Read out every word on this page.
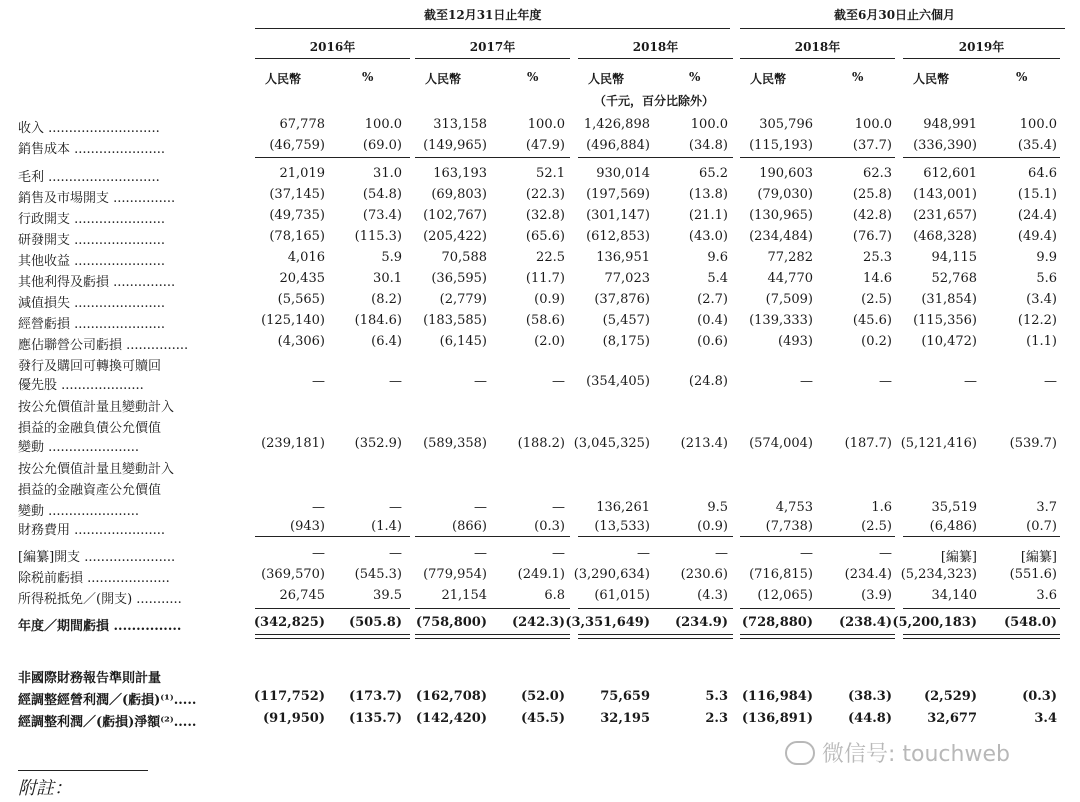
截至12月31日止年度	截至6月30日止六個月
2016年	2017年	2018年	2018年	2019年
人民幣	%	人民幣	%	人民幣	%	人民幣	%	人民幣	%
（千元，百分比除外）
收入 ...........................	67,778	100.0 313,158	100.0 1,426,898	100.0 305,796	100.0 948,991	100.0
銷售成本 ......................	(46,759)	(69.0) (149,965)	(47.9) (496,884)	(34.8) (115,193)	(37.7) (336,390)	(35.4)
毛利 ...........................	21,019	31.0 163,193	52.1 930,014	65.2 190,603	62.3 612,601	64.6
銷售及市場開支 ...............	(37,145)	(54.8) (69,803)	(22.3) (197,569)	(13.8) (79,030)	(25.8) (143,001)	(15.1)
行政開支 ......................	(49,735)	(73.4) (102,767)	(32.8) (301,147)	(21.1) (130,965)	(42.8) (231,657)	(24.4)
研發開支 ......................	(78,165) (115.3) (205,422)	(65.6) (612,853)	(43.0) (234,484)	(76.7) (468,328)	(49.4)
其他收益 ......................	4,016	5.9	70,588	22.5 136,951	9.6	77,282	25.3	94,115	9.9
其他利得及虧損 ...............	20,435	30.1 (36,595)	(11.7)	77,023	5.4	44,770	14.6	52,768	5.6
減值損失 ......................	(5,565)	(8.2)	(2,779)	(0.9) (37,876)	(2.7)	(7,509)	(2.5) (31,854)	(3.4)
經營虧損 ......................	(125,140) (184.6) (183,585)	(58.6)	(5,457)	(0.4) (139,333)	(45.6) (115,356)	(12.2)
應佔聯營公司虧損 ...............	(4,306)	(6.4)	(6,145)	(2.0)	(8,175)	(0.6)	(493)	(0.2) (10,472)	(1.1)
發行及購回可轉換可贖回
優先股 ....................	—	—	—	— (354,405)	(24.8)	—	—	—	—
按公允價值計量且變動計入
損益的金融負債公允價值
變動 ......................	(239,181) (352.9) (589,358) (188.2) (3,045,325) (213.4) (574,004) (187.7) (5,121,416)	(539.7)
按公允價值計量且變動計入
損益的金融資產公允價值
變動 ......................	—	—	—	— 136,261	9.5	4,753	1.6	35,519	3.7
財務費用 ......................	(943)	(1.4)	(866)	(0.3) (13,533)	(0.9)	(7,738)	(2.5)	(6,486)	(0.7)
[編纂]開支 ......................	—	—	—	—	—	—	—	—	[編纂]	[編纂]
除税前虧損 ....................	(369,570) (545.3) (779,954) (249.1) (3,290,634) (230.6) (716,815) (234.4) (5,234,323)	(551.6)
所得税抵免／(開支) ...........	26,745	39.5	21,154	6.8 (61,015)	(4.3) (12,065)	(3.9)	34,140	3.6
年度／期間虧損 ...............	(342,825) (505.8) (758,800) (242.3) (3,351,649) (234.9) (728,880) (238.4) (5,200,183) (548.0)
非國際財務報告準則計量
經調整經營利潤／(虧損)⁽¹⁾.....	(117,752) (173.7) (162,708)	(52.0)	75,659	5.3 (116,984)	(38.3) (2,529)	(0.3)
經調整利潤／(虧損)淨額⁽²⁾.....	(91,950) (135.7) (142,420)	(45.5)	32,195	2.3 (136,891)	(44.8)	32,677	3.4
附註：
微信号: touchweb
